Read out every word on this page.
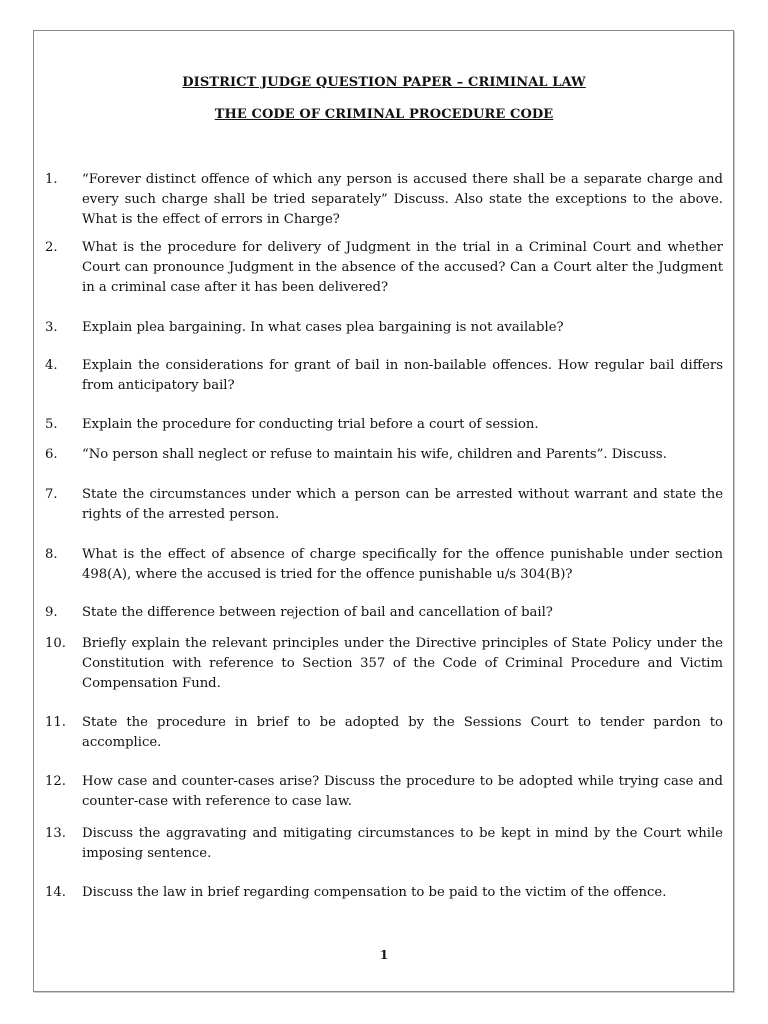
DISTRICT JUDGE QUESTION PAPER – CRIMINAL LAW
THE CODE OF CRIMINAL PROCEDURE CODE
1. “Forever distinct offence of which any person is accused there shall be a separate charge and every such charge shall be tried separately” Discuss. Also state the exceptions to the above. What is the effect of errors in Charge?
2. What is the procedure for delivery of Judgment in the trial in a Criminal Court and whether Court can pronounce Judgment in the absence of the accused? Can a Court alter the Judgment in a criminal case after it has been delivered?
3. Explain plea bargaining. In what cases plea bargaining is not available?
4. Explain the considerations for grant of bail in non-bailable offences. How regular bail differs from anticipatory bail?
5. Explain the procedure for conducting trial before a court of session.
6. “No person shall neglect or refuse to maintain his wife, children and Parents”. Discuss.
7. State the circumstances under which a person can be arrested without warrant and state the rights of the arrested person.
8. What is the effect of absence of charge specifically for the offence punishable under section 498(A), where the accused is tried for the offence punishable u/s 304(B)?
9. State the difference between rejection of bail and cancellation of bail?
10. Briefly explain the relevant principles under the Directive principles of State Policy under the Constitution with reference to Section 357 of the Code of Criminal Procedure and Victim Compensation Fund.
11. State the procedure in brief to be adopted by the Sessions Court to tender pardon to accomplice.
12. How case and counter-cases arise? Discuss the procedure to be adopted while trying case and counter-case with reference to case law.
13. Discuss the aggravating and mitigating circumstances to be kept in mind by the Court while imposing sentence.
14. Discuss the law in brief regarding compensation to be paid to the victim of the offence.
1
